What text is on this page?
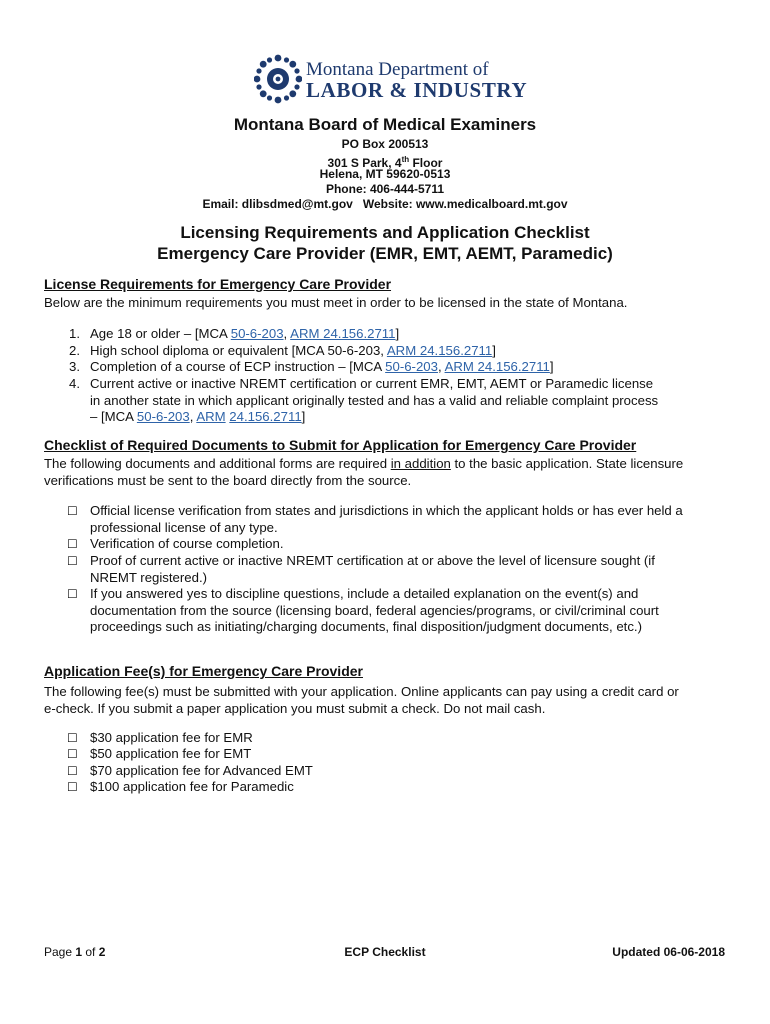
Montana Department of
LABOR & INDUSTRY
Montana Board of Medical Examiners
PO Box 200513
301 S Park, 4th Floor
Helena, MT 59620-0513
Phone: 406-444-5711
Email: dlibsdmed@mt.gov   Website: www.medicalboard.mt.gov
Licensing Requirements and Application Checklist
Emergency Care Provider (EMR, EMT, AEMT, Paramedic)
License Requirements for Emergency Care Provider
Below are the minimum requirements you must meet in order to be licensed in the state of Montana.
1. Age 18 or older – [MCA 50-6-203, ARM 24.156.2711]
2. High school diploma or equivalent [MCA 50-6-203, ARM 24.156.2711]
3. Completion of a course of ECP instruction – [MCA 50-6-203, ARM 24.156.2711]
4. Current active or inactive NREMT certification or current EMR, EMT, AEMT or Paramedic license
in another state in which applicant originally tested and has a valid and reliable complaint process
– [MCA 50-6-203, ARM 24.156.2711]
Checklist of Required Documents to Submit for Application for Emergency Care Provider
The following documents and additional forms are required in addition to the basic application. State licensure
verifications must be sent to the board directly from the source.
☐ Official license verification from states and jurisdictions in which the applicant holds or has ever held a
professional license of any type.
☐ Verification of course completion.
☐ Proof of current active or inactive NREMT certification at or above the level of licensure sought (if
NREMT registered.)
☐ If you answered yes to discipline questions, include a detailed explanation on the event(s) and
documentation from the source (licensing board, federal agencies/programs, or civil/criminal court
proceedings such as initiating/charging documents, final disposition/judgment documents, etc.)
Application Fee(s) for Emergency Care Provider
The following fee(s) must be submitted with your application. Online applicants can pay using a credit card or
e-check. If you submit a paper application you must submit a check. Do not mail cash.
☐ $30 application fee for EMR
☐ $50 application fee for EMT
☐ $70 application fee for Advanced EMT
☐ $100 application fee for Paramedic
Page 1 of 2	ECP Checklist	Updated 06-06-2018
